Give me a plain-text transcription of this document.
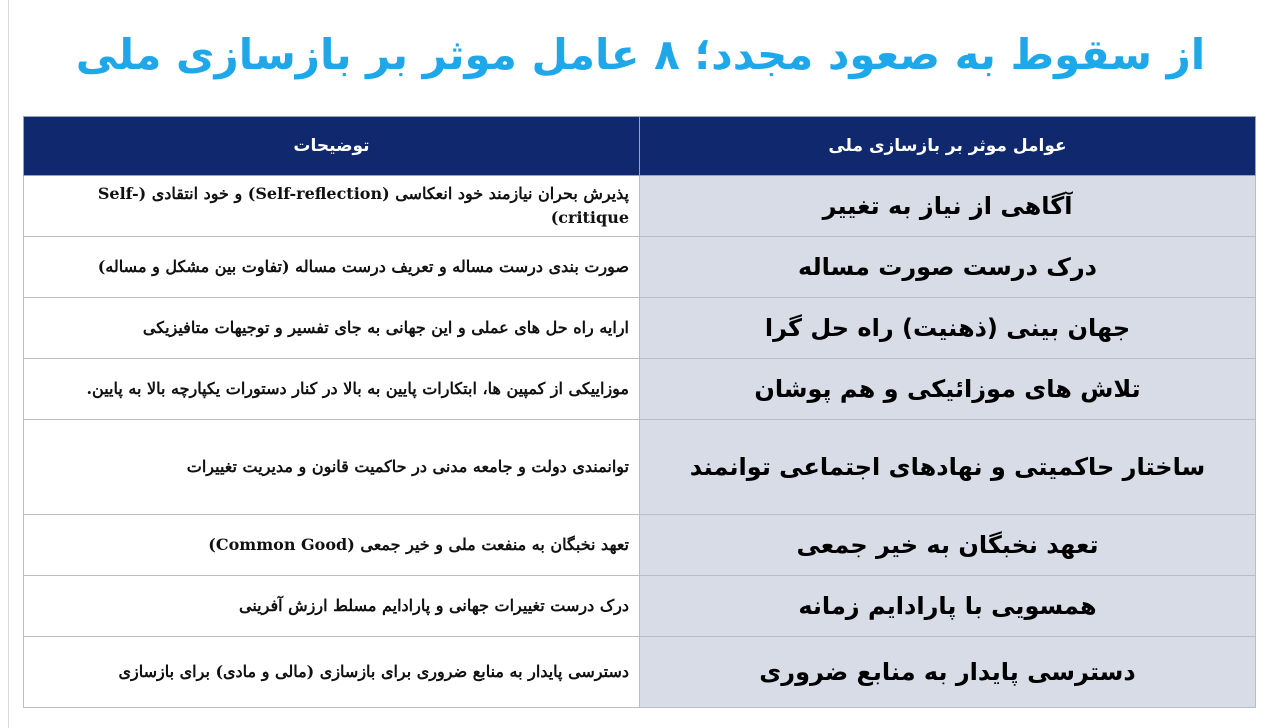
از سقوط به صعود مجدد؛ ۸ عامل موثر بر بازسازی ملی
عوامل موثر بر بازسازی ملی	توضیحات
آگاهی از نیاز به تغییر	پذیرش بحران نیازمند خود انعکاسی (Self-reflection) و خود انتقادی (Self-critique)
درک درست صورت مساله	صورت بندی درست مساله و تعریف درست مساله (تفاوت بین مشکل و مساله)
جهان بینی (ذهنیت) راه حل گرا	ارایه راه حل های عملی و این جهانی به جای تفسیر و توجیهات متافیزیکی
تلاش های موزائیکی و هم پوشان	موزاییکی از کمپین ها، ابتکارات پایین به بالا در کنار دستورات یکپارچه بالا به پایین.
ساختار حاکمیتی و نهادهای اجتماعی توانمند	توانمندی دولت و جامعه مدنی در حاکمیت قانون و مدیریت تغییرات
تعهد نخبگان به خیر جمعی	تعهد نخبگان به منفعت ملی و خیر جمعی (Common Good)
همسویی با پارادایم زمانه	درک درست تغییرات جهانی و پارادایم مسلط ارزش آفرینی
دسترسی پایدار به منابع ضروری	دسترسی پایدار به منابع ضروری برای بازسازی (مالی و مادی) برای بازسازی
